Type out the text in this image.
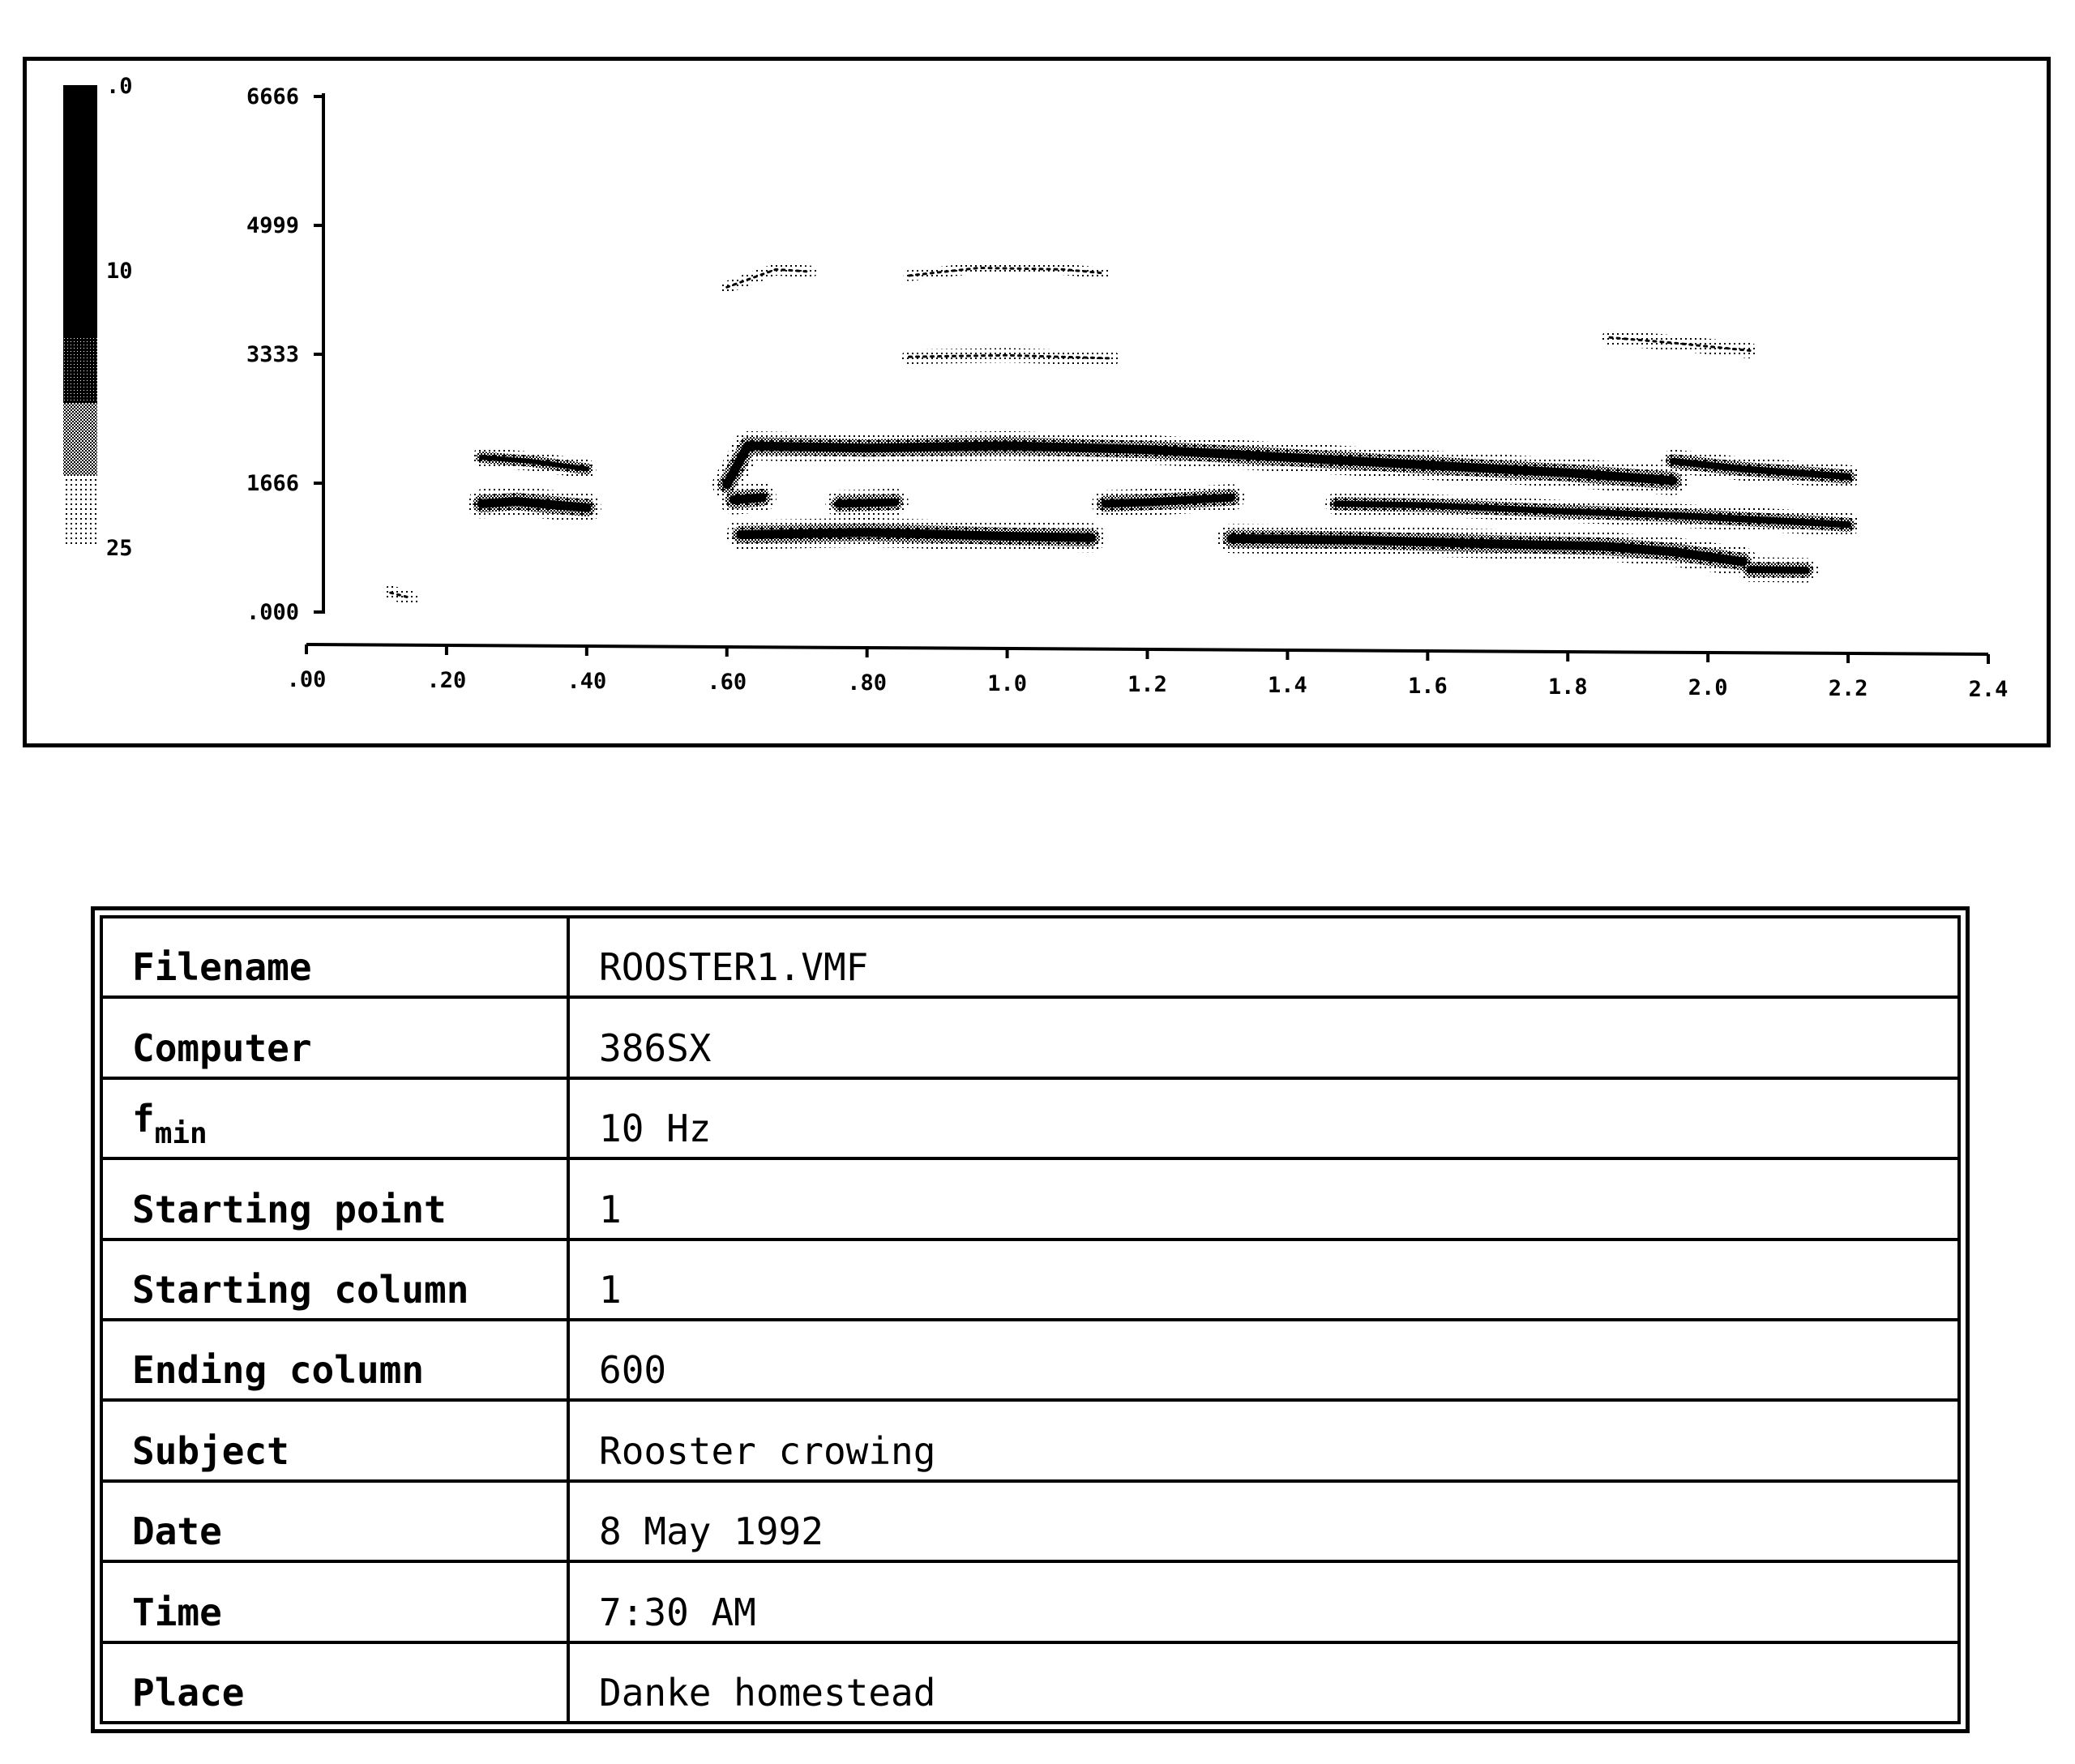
.0
10
25
.000
1666
3333
4999
6666
.00	.20	.40	.60	.80	1.0	1.2	1.4	1.6	1.8	2.0	2.2	2.4
Filename	ROOSTER1.VMF
Computer	386SX
$f_{min}$	10 Hz
Starting point	1
Starting column	1
Ending column	600
Subject	Rooster crowing
Date	8 May 1992
Time	7:30 AM
Place	Danke homestead
